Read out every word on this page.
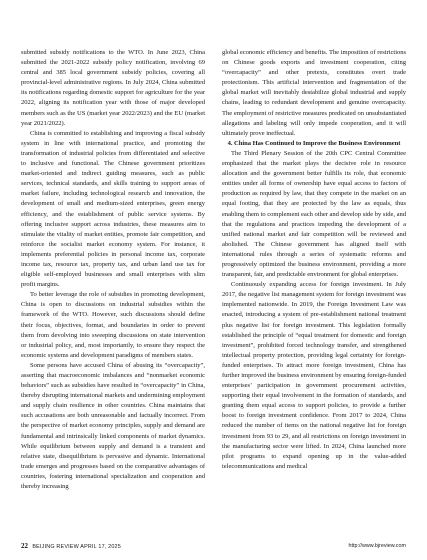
submitted subsidy notifications to the WTO. In June 2023, China submitted the 2021-2022 subsidy policy notification, involving 69 central and 385 local government subsidy policies, covering all provincial-level administrative regions. In July 2024, China submitted its notifications regarding domestic support for agriculture for the year 2022, aligning its notification year with those of major developed members such as the US (market year 2022/2023) and the EU (market year 2021/2022).

China is committed to establishing and improving a fiscal subsidy system in line with international practice, and promoting the transformation of industrial policies from differentiated and selective to inclusive and functional. The Chinese government prioritizes market-oriented and indirect guiding measures, such as public services, technical standards, and skills training to support areas of market failure, including technological research and innovation, the development of small and medium-sized enterprises, green energy efficiency, and the establishment of public service systems. By offering inclusive support across industries, these measures aim to stimulate the vitality of market entities, promote fair competition, and reinforce the socialist market economy system. For instance, it implements preferential policies in personal income tax, corporate income tax, resource tax, property tax, and urban land use tax for eligible self-employed businesses and small enterprises with slim profit margins.

To better leverage the role of subsidies in promoting development, China is open to discussions on industrial subsidies within the framework of the WTO. However, such discussions should define their focus, objectives, format, and boundaries in order to prevent them from devolving into sweeping discussions on state intervention or industrial policy, and, most importantly, to ensure they respect the economic systems and development paradigms of members states.

Some persons have accused China of abusing its “overcapacity”, asserting that macroeconomic imbalances and “nonmarket economic behaviors” such as subsidies have resulted in “overcapacity” in China, thereby disrupting international markets and undermining employment and supply chain resilience in other countries. China maintains that such accusations are both unreasonable and factually incorrect. From the perspective of market economy principles, supply and demand are fundamental and intrinsically linked components of market dynamics. While equilibrium between supply and demand is a transient and relative state, disequilibrium is pervasive and dynamic. International trade emerges and progresses based on the comparative advantages of countries, fostering international specialization and cooperation and thereby increasing

global economic efficiency and benefits. The imposition of restrictions on Chinese goods exports and investment cooperation, citing “overcapacity” and other pretexts, constitutes overt trade protectionism. This artificial intervention and fragmentation of the global market will inevitably destabilize global industrial and supply chains, leading to redundant development and genuine overcapacity. The employment of restrictive measures predicated on unsubstantiated allegations and labeling will only impede cooperation, and it will ultimately prove ineffectual.

4. China Has Continued to Improve the Business Environment

The Third Plenary Session of the 20th CPC Central Committee emphasized that the market plays the decisive role in resource allocation and the government better fulfills its role, that economic entities under all forms of ownership have equal access to factors of production as required by law, that they compete in the market on an equal footing, that they are protected by the law as equals, thus enabling them to complement each other and develop side by side, and that the regulations and practices impeding the development of a unified national market and fair competition will be reviewed and abolished. The Chinese government has aligned itself with international rules through a series of systematic reforms and progressively optimized the business environment, providing a more transparent, fair, and predictable environment for global enterprises.

Continuously expanding access for foreign investment. In July 2017, the negative list management system for foreign investment was implemented nationwide. In 2019, the Foreign Investment Law was enacted, introducing a system of pre-establishment national treatment plus negative list for foreign investment. This legislation formally established the principle of “equal treatment for domestic and foreign investment”, prohibited forced technology transfer, and strengthened intellectual property protection, providing legal certainty for foreign-funded enterprises. To attract more foreign investment, China has further improved the business environment by ensuring foreign-funded enterprises’ participation in government procurement activities, supporting their equal involvement in the formation of standards, and granting them equal access to support policies, to provide a further boost to foreign investment confidence. From 2017 to 2024, China reduced the number of items on the national negative list for foreign investment from 93 to 29, and all restrictions on foreign investment in the manufacturing sector were lifted. In 2024, China launched more pilot programs to expand opening up in the value-added telecommunications and medical

22 BEIJING REVIEW APRIL 17, 2025	http://www.bjreview.com
